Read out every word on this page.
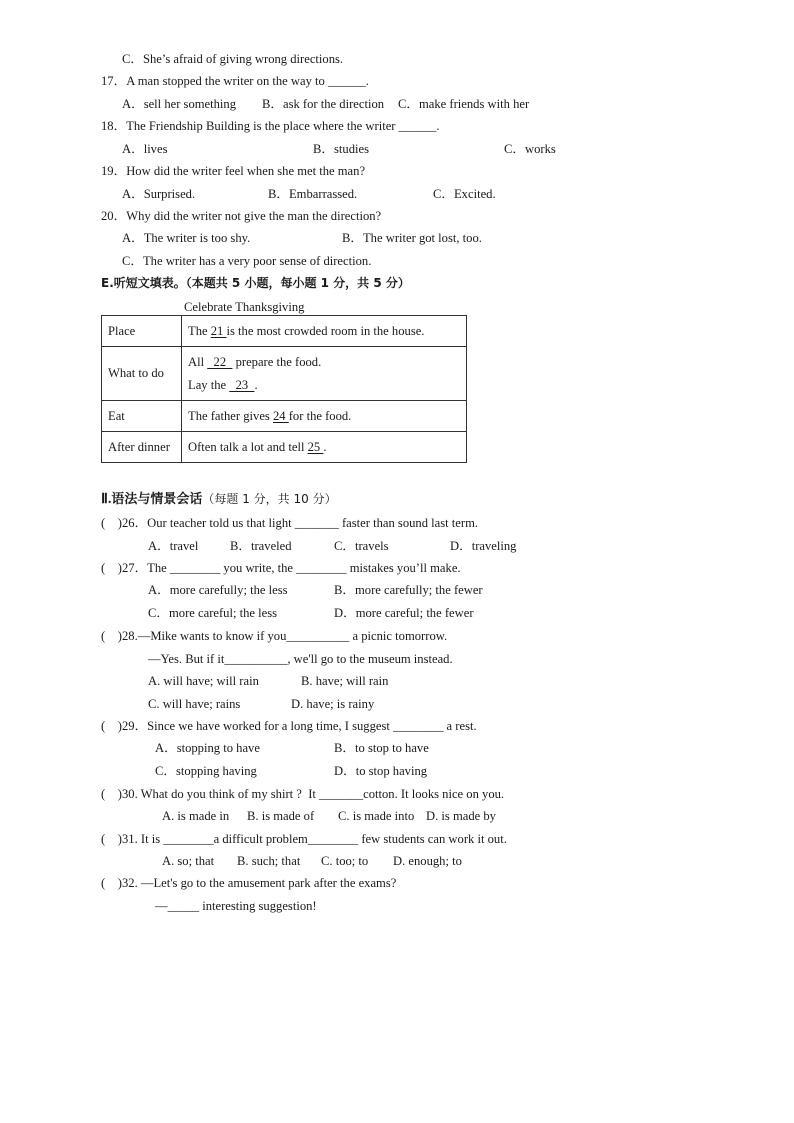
C．She’s afraid of giving wrong directions.
17．A man stopped the writer on the way to ______.
A．sell her something B．ask for the direction C．make friends with her
18．The Friendship Building is the place where the writer ______.
A．lives	B．studies	C．works
19．How did the writer feel when she met the man?
A．Surprised.	B．Embarrassed.	C．Excited.
20．Why did the writer not give the man the direction?
A．The writer is too shy.	B．The writer got lost, too.
C．The writer has a very poor sense of direction.
E.听短文填表。（本题共 5 小题，每小题 1 分，共 5 分）
Celebrate Thanksgiving
Place	The 21 is the most crowded room in the house.
What to do	All   22   prepare the food.
Lay the   23  .

Eat	The father gives 24 for the food.
After dinner	Often talk a lot and tell 25 .
Ⅱ.语法与情景会话（每题 1 分，共 10 分）
(    )26．Our teacher told us that light _______ faster than sound last term.
A．travel	B．traveled	C．travels	D．traveling
(    )27．The ________ you write, the ________ mistakes you’ll make.
A．more carefully; the less	B．more carefully; the fewer
C．more careful; the less	D．more careful; the fewer
(    )28.—Mike wants to know if you__________ a picnic tomorrow.
—Yes. But if it__________, we'll go to the museum instead.
A. will have; will rain	B. have; will rain
C. will have; rains	D. have; is rainy
(    )29．Since we have worked for a long time, I suggest ________ a rest.
A．stopping to have	B．to stop to have
C．stopping having	D．to stop having
(    )30. What do you think of my shirt ?  It _______cotton. It looks nice on you.
A. is made in B. is made of C. is made into D. is made by
(    )31. It is ________a difficult problem________ few students can work it out.
A. so; that B. such; that C. too; to D. enough; to
(    )32. —Let's go to the amusement park after the exams?
—_____ interesting suggestion!
